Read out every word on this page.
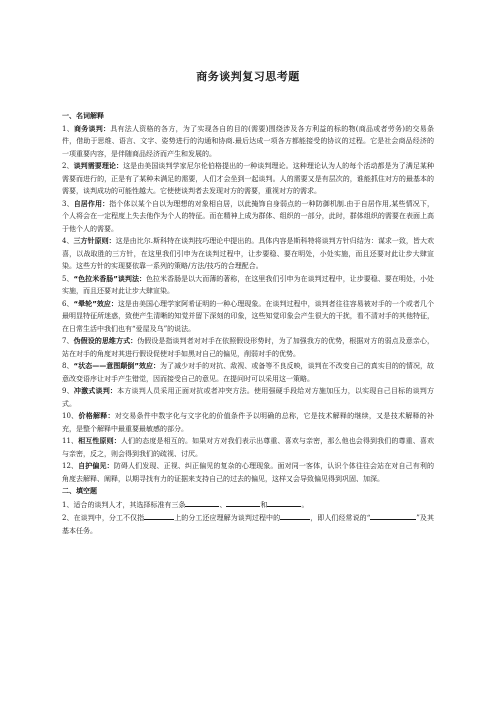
商务谈判复习思考题
一、名词解释
1、商务谈判：具有法人资格的各方，为了实现各自的目的(需要)围绕涉及各方利益的标的物(商品或者劳务)的交易条件，借助于思维、语言、文字、姿势进行的沟通和协商.最后达成一项各方都能接受的协议的过程。它是社会商品经济的一项重要内容，是伴随商品经济而产生和发展的。
2、谈判需要理论：这是由美国谈判学家尼尔伦伯格提出的一种谈判理论。这种理论认为人的每个活动都是为了满足某种需要而进行的，正是有了某种未满足的需要，人们才会坐到一起谈判。人的需要又是有层次的，谁能抓住对方的最基本的需要，谈判成功的可能性越大。它使使谈判者去发现对方的需要，重视对方的需求。
3、自居作用：指个体以某个自以为理想的对象相自居，以此掩饰自身弱点的一种防御机制.由于自居作用,某些情况下，个人将会在一定程度上失去他作为个人的特征。而在精神上成为群体、组织的一部分，此时，群体组织的需要在表面上高于他个人的需要。
4、三方针原则：这是由比尔.斯科特在谈判技巧理论中提出的。具体内容是斯科特将谈判方针归结为：谋求一致，皆大欢喜，以战取胜的三方针，在这里我们引申为在谈判过程中，让步要稳、要在明处，小处实施，而且还要对此让步大肆宣染。这些方针的实现要依靠一系列的策略/方法/技巧的合理配合。
5、“色拉米香肠”谈判法：色拉米香肠是以大而薄的著称，在这里我们引申为在谈判过程中，让步要稳、要在明处，小处实施，而且还要对此让步大肆宣染。
6、“晕轮”效应：这是由美国心理学家阿希证明的一种心理现象。在谈判过程中，谈判者往往容易被对手的一个或者几个最明显特征所迷惑，致使产生清晰的知觉并留下深刻的印象，这些知觉印象会产生很大的干扰，看不清对手的其他特征，在日常生活中我们也有“爱屋及乌”的说法。
7、伪假设的思维方式：伪假设是指谈判者对对手在依照假设形势时，为了加强我方的优势，根据对方的弱点及意亲心，站在对手的角度对其进行假设促使对手如黑对自己的偏见，削弱对手的优势。
8、“状态——意图颠倒”效应：为了减少对手的对抗、敌视、或备等不良反映，谈判在不改变自己的真实目的的情况，故意改变语序让对手产生错觉，因而接受自己的意见。在提问时可以采用这一策略。
9、冲激式谈判：本方谈判人员采用正面对抗或者冲突方法。使用强硬手段给对方施加压力，以实现自己目标的谈判方式。
10、价格解释：对交易条件中数字化与文字化的价值条件予以明确的总称，它是技术解释的继续，又是技术解释的补充，是整个解释中最重要最敏感的部分。
11、相互性原则：人们的态度是相互的。如果对方对我们表示出尊重、喜欢与亲密，那么他也会得到我们的尊重、喜欢与亲密，反之，则会得到我们的疏视、讨厌。
12、自护偏见：防碍人们发现、正视、纠正偏见的复杂的心理现象。面对同一客体，认识个体往往会站在对自己有利的角度去解释、阐释，以期寻找有力的证据来支持自己的过去的偏见，这样又会导致偏见得到巩固、加深。
二、填空题
1、适合的谈判人才，其选择标准有三条	、	和	。
2、在谈判中，分工不仅指	上的分工还应理解为谈判过程中的	，即人们经常说的“	”及其基本任务。
